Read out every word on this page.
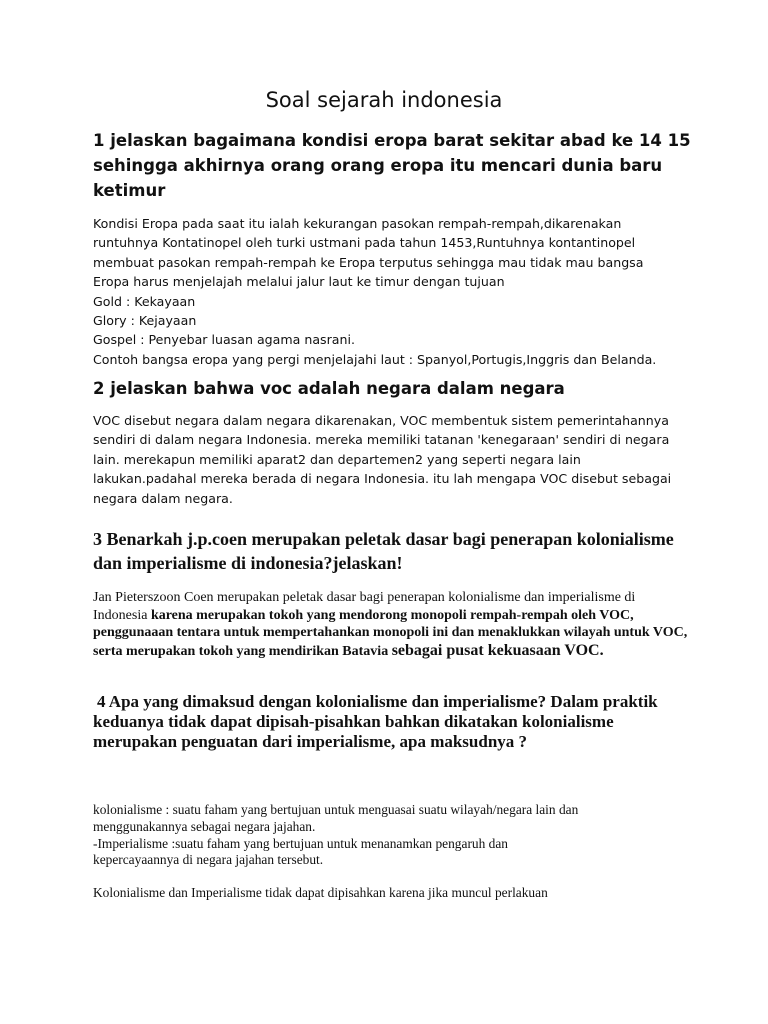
Soal sejarah indonesia
1 jelaskan bagaimana kondisi eropa barat sekitar abad ke 14 15 sehingga akhirnya orang orang eropa itu mencari dunia baru ketimur

Kondisi Eropa pada saat itu ialah kekurangan pasokan rempah-rempah,dikarenakan

runtuhnya Kontatinopel oleh turki ustmani pada tahun 1453,Runtuhnya kontantinopel

membuat pasokan rempah-rempah ke Eropa terputus sehingga mau tidak mau bangsa

Eropa harus menjelajah melalui jalur laut ke timur dengan tujuan

Gold : Kekayaan

Glory : Kejayaan

Gospel : Penyebar luasan agama nasrani.

Contoh bangsa eropa yang pergi menjelajahi laut : Spanyol,Portugis,Inggris dan Belanda.

2 jelaskan bahwa voc adalah negara dalam negara

VOC disebut negara dalam negara dikarenakan, VOC membentuk sistem pemerintahannya

sendiri di dalam negara Indonesia. mereka memiliki tatanan 'kenegaraan' sendiri di negara

lain. merekapun memiliki aparat2 dan departemen2 yang seperti negara lain

lakukan.padahal mereka berada di negara Indonesia. itu lah mengapa VOC disebut sebagai

negara dalam negara.

3 Benarkah j.p.coen merupakan peletak dasar bagi penerapan kolonialisme dan imperialisme di indonesia?jelaskan!

Jan Pieterszoon Coen merupakan peletak dasar bagi penerapan kolonialisme dan imperialisme di Indonesia karena merupakan tokoh yang mendorong monopoli rempah-rempah oleh VOC, penggunaaan tentara untuk mempertahankan monopoli ini dan menaklukkan wilayah untuk VOC, serta merupakan tokoh yang mendirikan Batavia sebagai pusat kekuasaan VOC.

4 Apa yang dimaksud dengan kolonialisme dan imperialisme? Dalam praktik keduanya tidak dapat dipisah-pisahkan bahkan dikatakan kolonialisme merupakan penguatan dari imperialisme, apa maksudnya ?

kolonialisme : suatu faham yang bertujuan untuk menguasai suatu wilayah/negara lain dan

menggunakannya sebagai negara jajahan.

-Imperialisme :suatu faham yang bertujuan untuk menanamkan pengaruh dan

kepercayaannya di negara jajahan tersebut.

Kolonialisme dan Imperialisme tidak dapat dipisahkan karena jika muncul perlakuan
